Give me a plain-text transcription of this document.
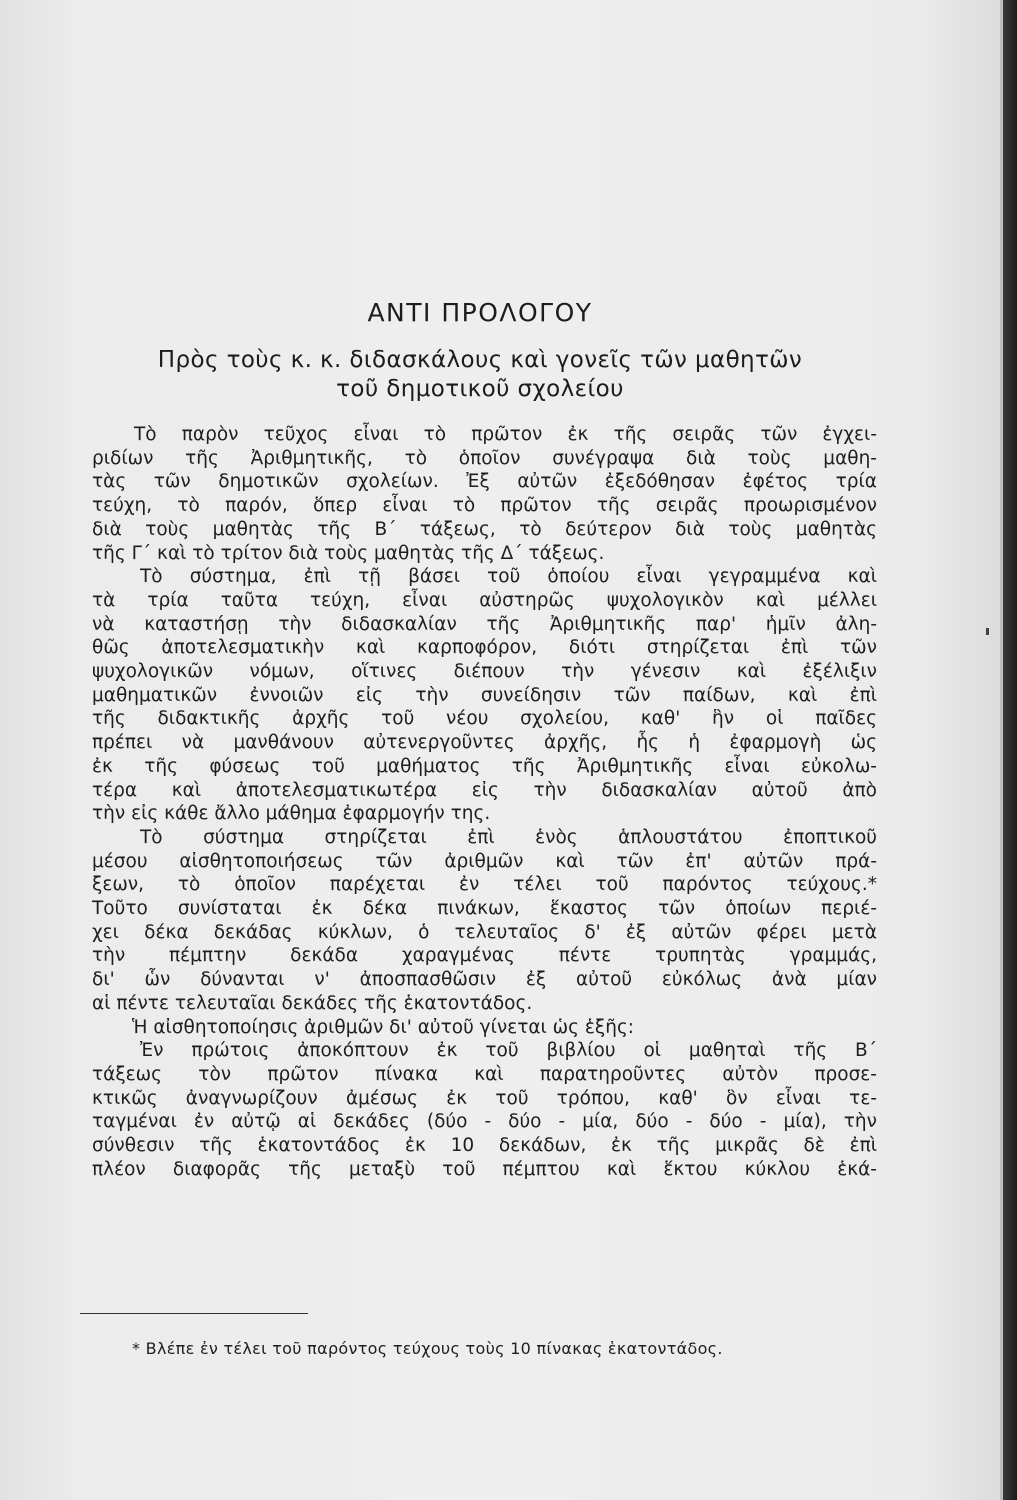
ΑΝΤΙ ΠΡΟΛΟΓΟΥ
Πρὸς τοὺς κ. κ. διδασκάλους καὶ γονεῖς τῶν μαθητῶν
τοῦ δημοτικοῦ σχολείου
Τὸ παρὸν τεῦχος εἶναι τὸ πρῶτον ἐκ τῆς σειρᾶς τῶν ἐγχει-
ριδίων τῆς Ἀριθμητικῆς, τὸ ὁποῖον συνέγραψα διὰ τοὺς μαθη-
τὰς τῶν δημοτικῶν σχολείων. Ἐξ αὐτῶν ἐξεδόθησαν ἐφέτος τρία
τεύχη, τὸ παρόν, ὅπερ εἶναι τὸ πρῶτον τῆς σειρᾶς προωρισμένον
διὰ τοὺς μαθητὰς τῆς Β΄ τάξεως, τὸ δεύτερον διὰ τοὺς μαθητὰς
τῆς Γ΄ καὶ τὸ τρίτον διὰ τοὺς μαθητὰς τῆς Δ΄ τάξεως.
Τὸ σύστημα, ἐπὶ τῇ βάσει τοῦ ὁποίου εἶναι γεγραμμένα καὶ
τὰ τρία ταῦτα τεύχη, εἶναι αὐστηρῶς ψυχολογικὸν καὶ μέλλει
νὰ καταστήσῃ τὴν διδασκαλίαν τῆς Ἀριθμητικῆς παρ' ἡμῖν ἀλη-
θῶς ἀποτελεσματικὴν καὶ καρποφόρον, διότι στηρίζεται ἐπὶ τῶν
ψυχολογικῶν νόμων, οἵτινες διέπουν τὴν γένεσιν καὶ ἐξέλιξιν
μαθηματικῶν ἐννοιῶν εἰς τὴν συνείδησιν τῶν παίδων, καὶ ἐπὶ
τῆς διδακτικῆς ἀρχῆς τοῦ νέου σχολείου, καθ' ἣν οἱ παῖδες
πρέπει νὰ μανθάνουν αὐτενεργοῦντες ἀρχῆς, ἧς ἡ ἐφαρμογὴ ὡς
ἐκ τῆς φύσεως τοῦ μαθήματος τῆς Ἀριθμητικῆς εἶναι εὐκολω-
τέρα καὶ ἀποτελεσματικωτέρα εἰς τὴν διδασκαλίαν αὐτοῦ ἀπὸ
τὴν εἰς κάθε ἄλλο μάθημα ἐφαρμογήν της.
Τὸ σύστημα στηρίζεται ἐπὶ ἑνὸς ἁπλουστάτου ἐποπτικοῦ
μέσου αἰσθητοποιήσεως τῶν ἀριθμῶν καὶ τῶν ἐπ' αὐτῶν πρά-
ξεων, τὸ ὁποῖον παρέχεται ἐν τέλει τοῦ παρόντος τεύχους.*
Τοῦτο συνίσταται ἐκ δέκα πινάκων, ἕκαστος τῶν ὁποίων περιέ-
χει δέκα δεκάδας κύκλων, ὁ τελευταῖος δ' ἐξ αὐτῶν φέρει μετὰ
τὴν πέμπτην δεκάδα χαραγμένας πέντε τρυπητὰς γραμμάς,
δι' ὧν δύνανται ν' ἀποσπασθῶσιν ἐξ αὐτοῦ εὐκόλως ἀνὰ μίαν
αἱ πέντε τελευταῖαι δεκάδες τῆς ἑκατοντάδος.
Ἡ αἰσθητοποίησις ἀριθμῶν δι' αὐτοῦ γίνεται ὡς ἑξῆς:
Ἐν πρώτοις ἀποκόπτουν ἐκ τοῦ βιβλίου οἱ μαθηταὶ τῆς Β΄
τάξεως τὸν πρῶτον πίνακα καὶ παρατηροῦντες αὐτὸν προσε-
κτικῶς ἀναγνωρίζουν ἀμέσως ἐκ τοῦ τρόπου, καθ' ὃν εἶναι τε-
ταγμέναι ἐν αὐτῷ αἱ δεκάδες (δύο - δύο - μία, δύο - δύο - μία), τὴν
σύνθεσιν τῆς ἑκατοντάδος ἐκ 10 δεκάδων, ἐκ τῆς μικρᾶς δὲ ἐπὶ
πλέον διαφορᾶς τῆς μεταξὺ τοῦ πέμπτου καὶ ἕκτου κύκλου ἑκά-
* Βλέπε ἐν τέλει τοῦ παρόντος τεύχους τοὺς 10 πίνακας ἑκατοντάδος.
